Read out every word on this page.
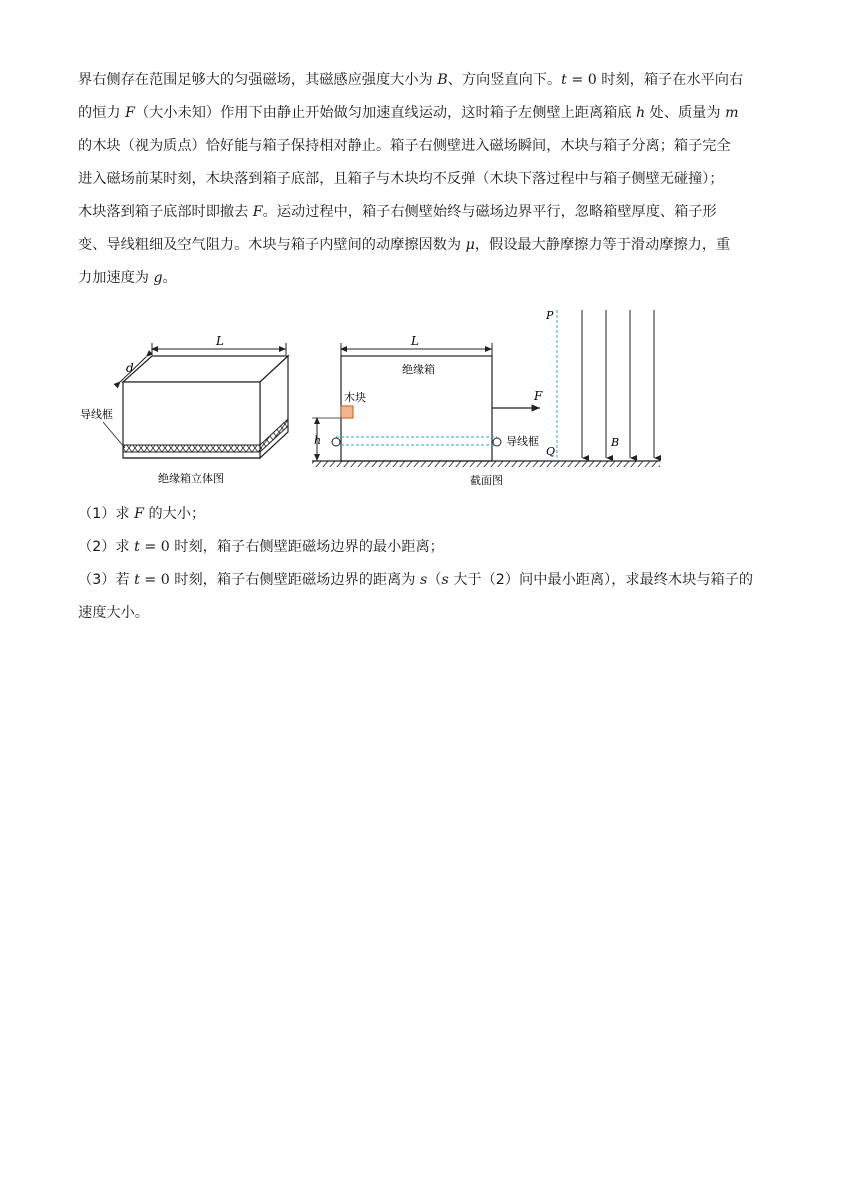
界右侧存在范围足够大的匀强磁场，其磁感应强度大小为 B、方向竖直向下。t = 0 时刻，箱子在水平向右

的恒力 F（大小未知）作用下由静止开始做匀加速直线运动，这时箱子左侧壁上距离箱底 h 处、质量为 m

的木块（视为质点）恰好能与箱子保持相对静止。箱子右侧壁进入磁场瞬间，木块与箱子分离；箱子完全

进入磁场前某时刻，木块落到箱子底部，且箱子与木块均不反弹（木块下落过程中与箱子侧壁无碰撞）；

木块落到箱子底部时即撤去 F。运动过程中，箱子右侧壁始终与磁场边界平行，忽略箱壁厚度、箱子形

变、导线粗细及空气阻力。木块与箱子内壁间的动摩擦因数为 μ，假设最大静摩擦力等于滑动摩擦力，重

力加速度为 g。

L
d
导线框
绝缘箱立体图
L
绝缘箱
木块
h	导线框
F
P
Q
B
截面图

（1）求 F 的大小；

（2）求 t = 0 时刻，箱子右侧壁距磁场边界的最小距离；

（3）若 t = 0 时刻，箱子右侧壁距磁场边界的距离为 s（s 大于（2）问中最小距离），求最终木块与箱子的

速度大小。
